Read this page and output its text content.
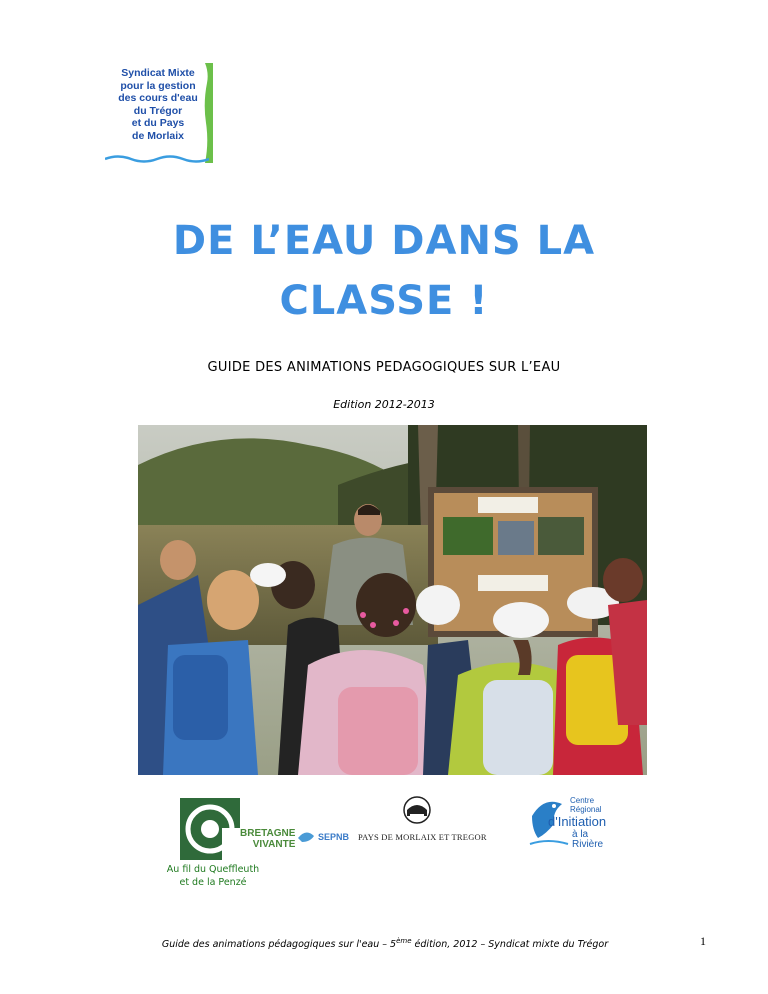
Syndicat Mixte
pour la gestion
des cours d'eau
du Trégor
et du Pays
de Morlaix
DE L’EAU DANS LA
CLASSE !
GUIDE DES ANIMATIONS PEDAGOGIQUES SUR L’EAU
Edition 2012-2013
BRETAGNE
VIVANTE
SEPNB PAYS DE MORLAIX ET TREGOR
Centre
Régional
d'Initiation
à la
Rivière
Au fil du Queffleuth
et de la Penzé
Guide des animations pédagogiques sur l'eau – 5ème édition, 2012 – Syndicat mixte du Trégor	1
